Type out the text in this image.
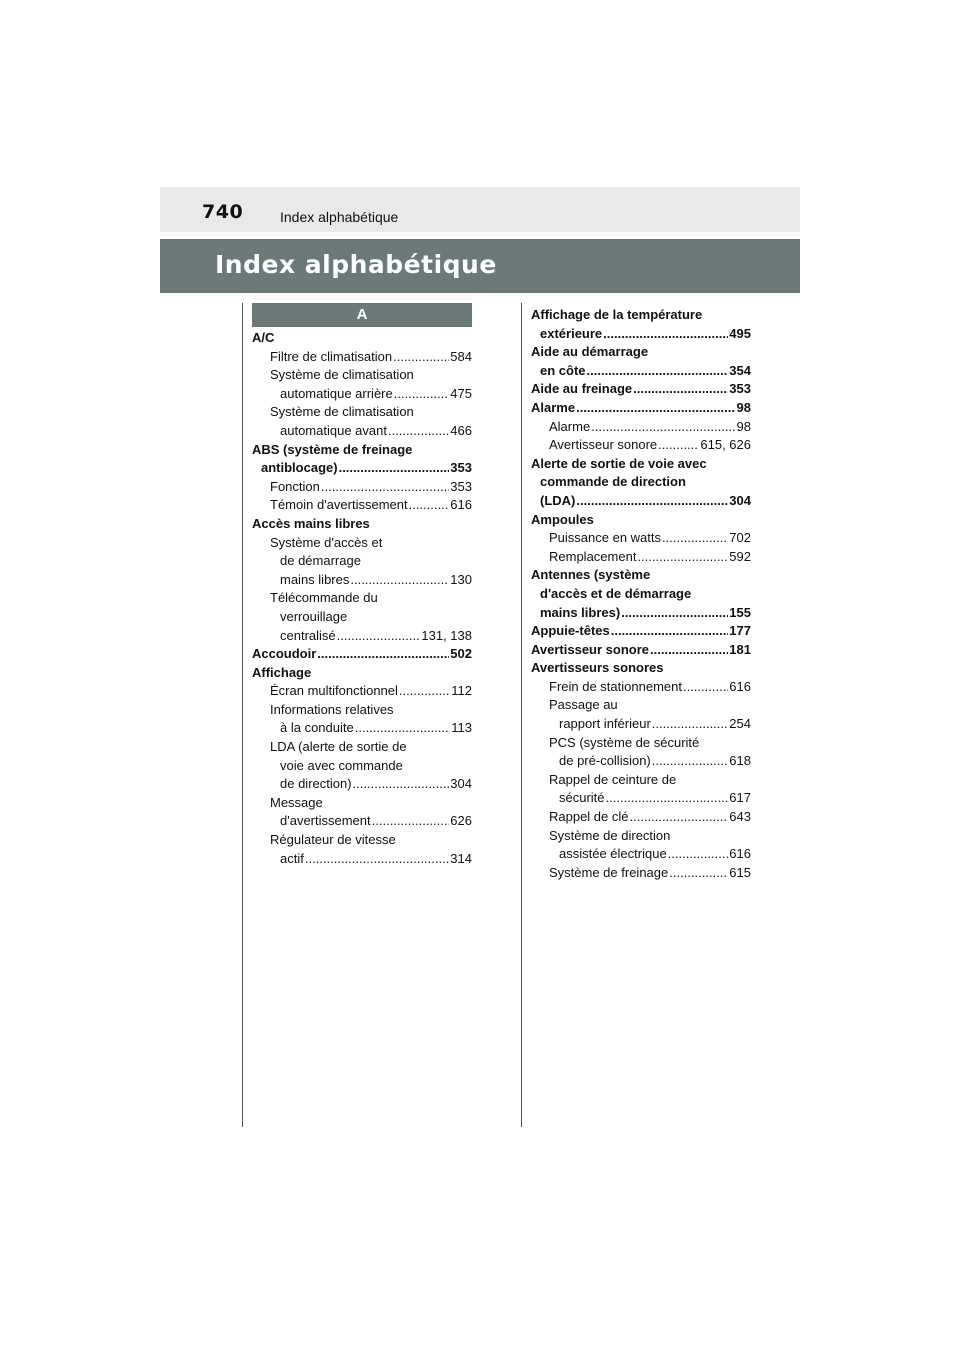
740	Index alphabétique
Index alphabétique
A
A/C
Filtre de climatisation .....	584
Système de climatisation
automatique arrière .....	475
Système de climatisation
automatique avant .....	466
ABS (système de freinage
antiblocage) .....	353
Fonction .....	353
Témoin d'avertissement .....	616
Accès mains libres
Système d'accès et
de démarrage
mains libres .....	130
Télécommande du
verrouillage
centralisé .....	131, 138
Accoudoir .....	502
Affichage
Écran multifonctionnel .....	112
Informations relatives
à la conduite .....	113
LDA (alerte de sortie de
voie avec commande
de direction) .....	304
Message
d'avertissement .....	626
Régulateur de vitesse
actif .....	314
Affichage de la température
extérieure .....	495
Aide au démarrage
en côte .....	354
Aide au freinage .....	353
Alarme .....	98
Alarme .....	98
Avertisseur sonore .....	615, 626
Alerte de sortie de voie avec
commande de direction
(LDA) .....	304
Ampoules
Puissance en watts .....	702
Remplacement .....	592
Antennes (système
d'accès et de démarrage
mains libres) .....	155
Appuie-têtes .....	177
Avertisseur sonore .....	181
Avertisseurs sonores
Frein de stationnement .....	616
Passage au
rapport inférieur .....	254
PCS (système de sécurité
de pré-collision) .....	618
Rappel de ceinture de
sécurité .....	617
Rappel de clé .....	643
Système de direction
assistée électrique .....	616
Système de freinage .....	615
